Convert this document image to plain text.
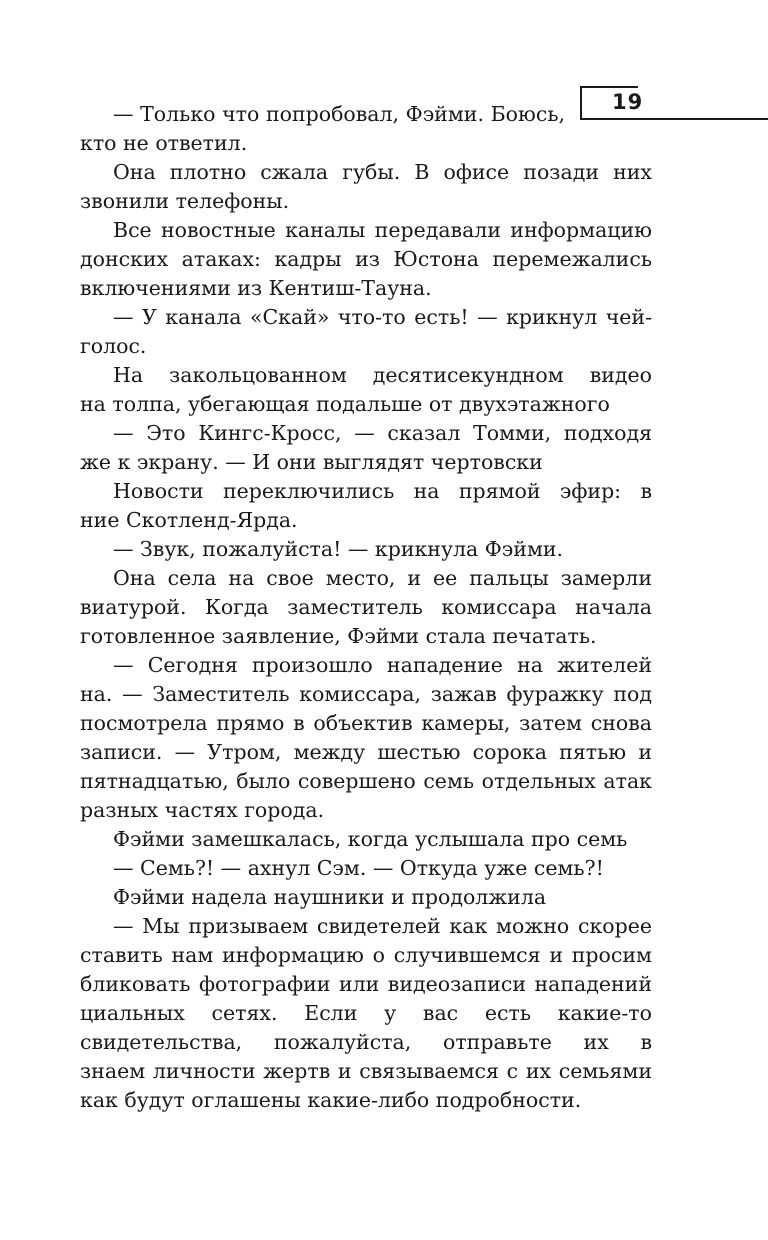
19
— Только что попробовал, Фэйми. Боюсь,
кто не ответил.
Она плотно сжала губы. В офисе позади них
звонили телефоны.
Все новостные каналы передавали информацию
донских атаках: кадры из Юстона перемежались
включениями из Кентиш-Тауна.
— У канала «Скай» что-то есть! — крикнул чей-
голос.
На закольцованном десятисекундном видео
на толпа, убегающая подальше от двухэтажного
— Это Кингс-Кросс, — сказал Томми, подходя
же к экрану. — И они выглядят чертовски
Новости переключились на прямой эфир: в
ние Скотленд-Ярда.
— Звук, пожалуйста! — крикнула Фэйми.
Она села на свое место, и ее пальцы замерли
виатурой. Когда заместитель комиссара начала
готовленное заявление, Фэйми стала печатать.
— Сегодня произошло нападение на жителей
на. — Заместитель комиссара, зажав фуражку под
посмотрела прямо в объектив камеры, затем снова
записи. — Утром, между шестью сорока пятью и
пятнадцатью, было совершено семь отдельных атак
разных частях города.
Фэйми замешкалась, когда услышала про семь
— Семь?! — ахнул Сэм. — Откуда уже семь?!
Фэйми надела наушники и продолжила
— Мы призываем свидетелей как можно скорее
ставить нам информацию о случившемся и просим
бликовать фотографии или видеозаписи нападений
циальных сетях. Если у вас есть какие-то
свидетельства, пожалуйста, отправьте их в
знаем личности жертв и связываемся с их семьями
как будут оглашены какие-либо подробности.
